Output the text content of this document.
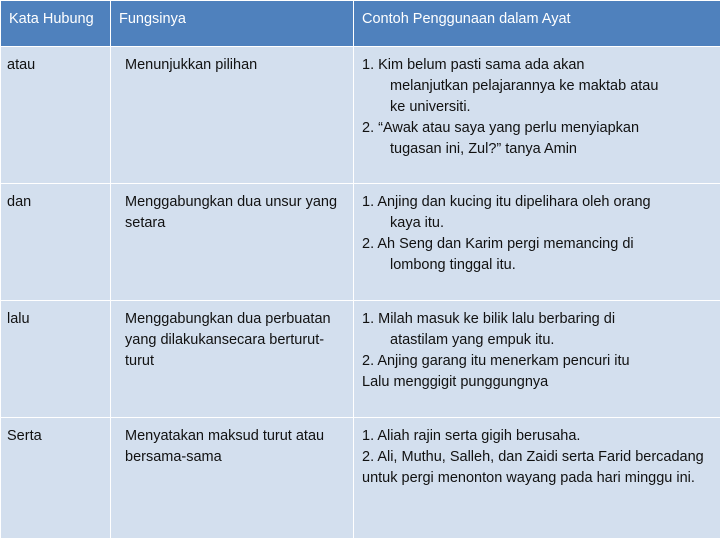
Kata Hubung	Fungsinya	Contoh Penggunaan dalam Ayat
atau	Menunjukkan pilihan	1. Kim belum pasti sama ada akan
melanjutkan pelajarannya ke maktab atau
ke universiti.
2. “Awak atau saya yang perlu menyiapkan
tugasan ini, Zul?” tanya Amin

dan	Menggabungkan dua unsur yang setara	1. Anjing dan kucing itu dipelihara oleh orang
kaya itu.
2. Ah Seng dan Karim pergi memancing di
lombong tinggal itu.

lalu	Menggabungkan dua perbuatan yang dilakukansecara berturut-turut	1. Milah masuk ke bilik lalu berbaring di
atastilam yang empuk itu.
2. Anjing garang itu menerkam pencuri itu
Lalu menggigit punggungnya

Serta	Menyatakan maksud turut atau bersama-sama	1. Aliah rajin serta gigih berusaha.
2. Ali, Muthu, Salleh, dan Zaidi serta Farid bercadang untuk pergi menonton wayang pada hari minggu ini.
